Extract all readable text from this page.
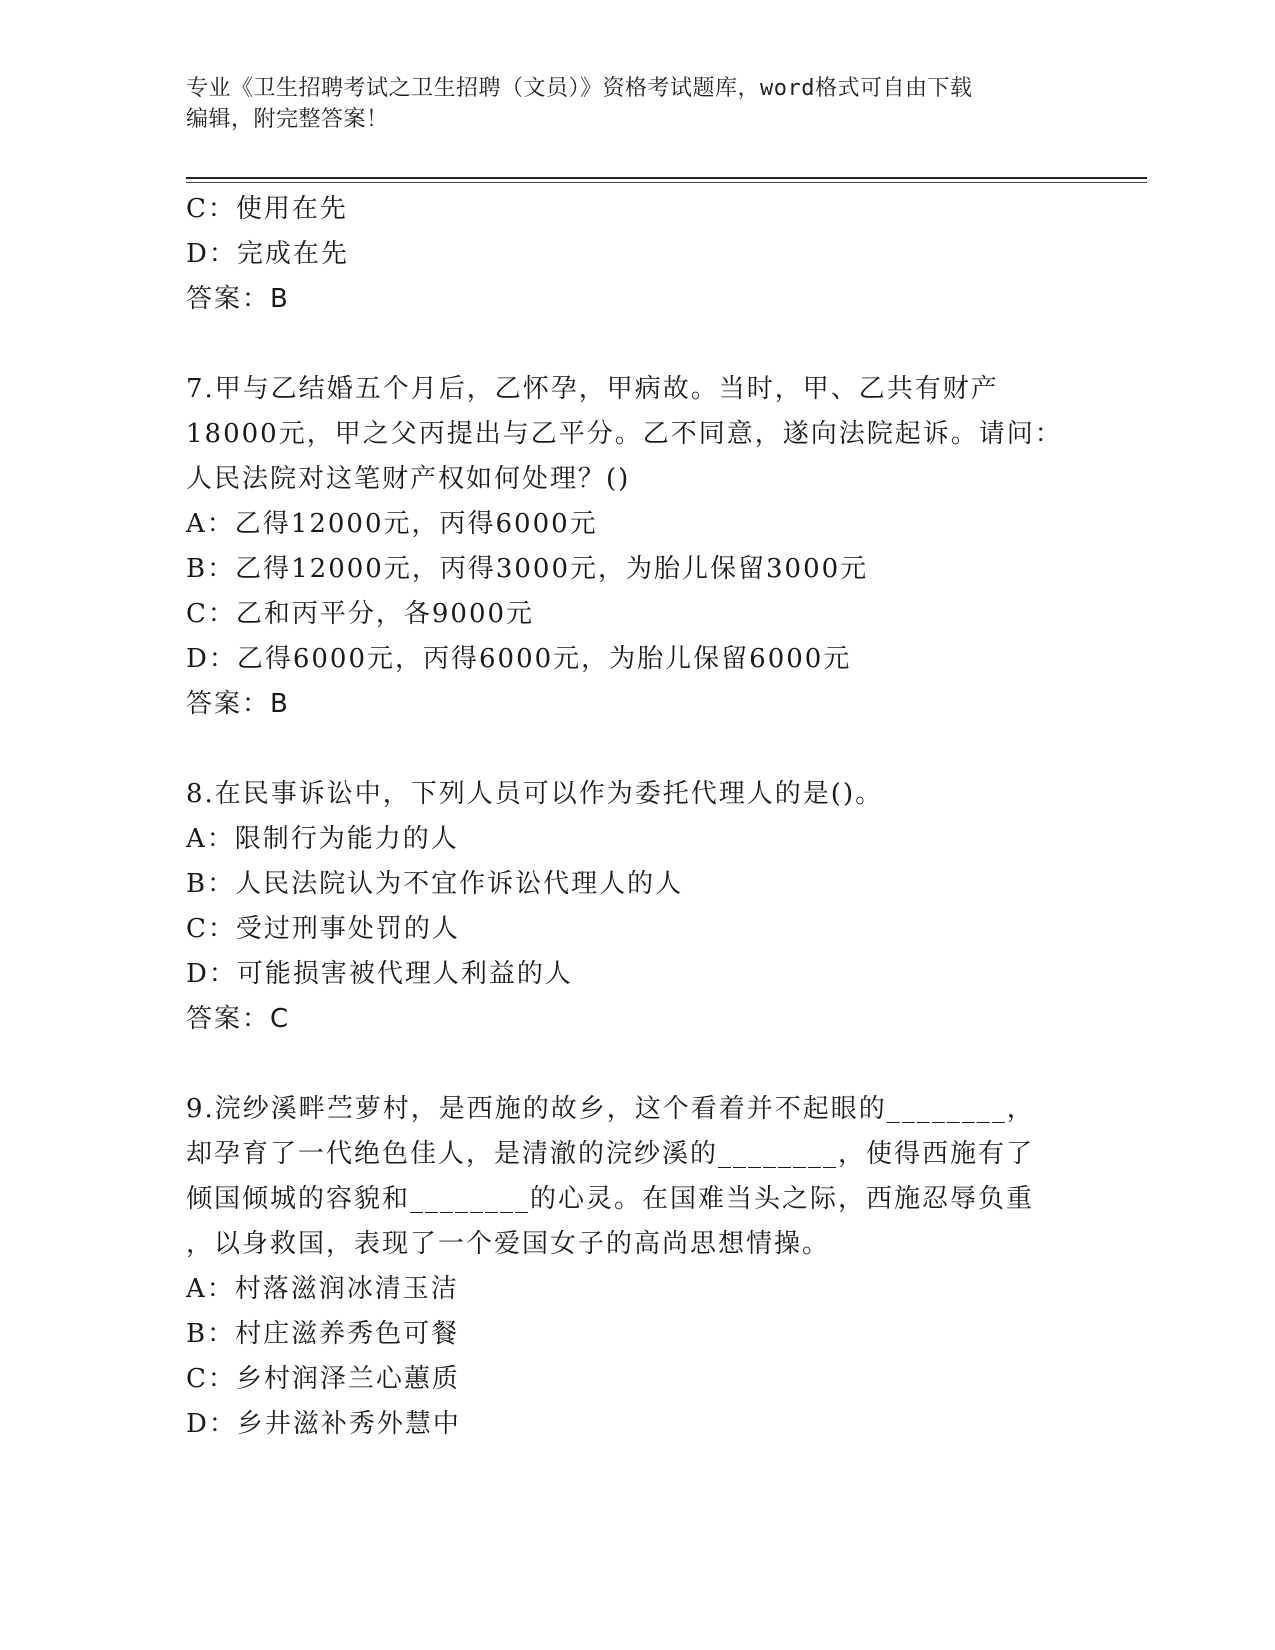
专业《卫生招聘考试之卫生招聘（文员）》资格考试题库，word格式可自由下载
编辑，附完整答案！
C：使用在先
D：完成在先
答案：B
7.甲与乙结婚五个月后，乙怀孕，甲病故。当时，甲、乙共有财产
18000元，甲之父丙提出与乙平分。乙不同意，遂向法院起诉。请问：
人民法院对这笔财产权如何处理？()
A：乙得12000元，丙得6000元
B：乙得12000元，丙得3000元，为胎儿保留3000元
C：乙和丙平分，各9000元
D：乙得6000元，丙得6000元，为胎儿保留6000元
答案：B
8.在民事诉讼中，下列人员可以作为委托代理人的是()。
A：限制行为能力的人
B：人民法院认为不宜作诉讼代理人的人
C：受过刑事处罚的人
D：可能损害被代理人利益的人
答案：C
9.浣纱溪畔苎萝村，是西施的故乡，这个看着并不起眼的________，
却孕育了一代绝色佳人，是清澈的浣纱溪的________，使得西施有了
倾国倾城的容貌和________的心灵。在国难当头之际，西施忍辱负重
，以身救国，表现了一个爱国女子的高尚思想情操。
A：村落滋润冰清玉洁
B：村庄滋养秀色可餐
C：乡村润泽兰心蕙质
D：乡井滋补秀外慧中
